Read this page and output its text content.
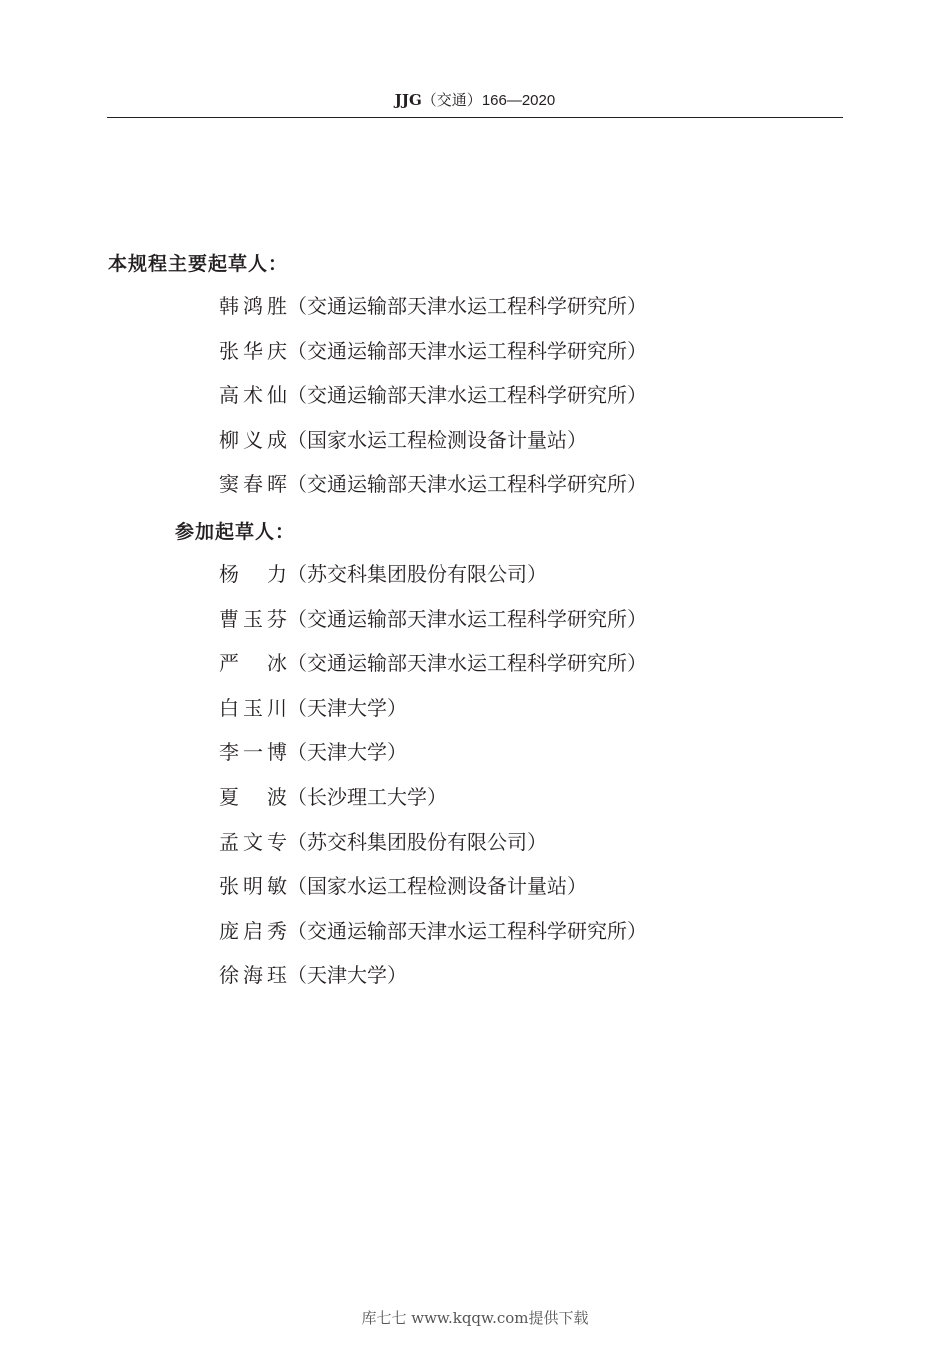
JJG（交通）166—2020
本规程主要起草人：
韩鸿胜（交通运输部天津水运工程科学研究所）
张华庆（交通运输部天津水运工程科学研究所）
高术仙（交通运输部天津水运工程科学研究所）
柳义成（国家水运工程检测设备计量站）
窦春晖（交通运输部天津水运工程科学研究所）
参加起草人：
杨　力（苏交科集团股份有限公司）
曹玉芬（交通运输部天津水运工程科学研究所）
严　冰（交通运输部天津水运工程科学研究所）
白玉川（天津大学）
李一博（天津大学）
夏　波（长沙理工大学）
孟文专（苏交科集团股份有限公司）
张明敏（国家水运工程检测设备计量站）
庞启秀（交通运输部天津水运工程科学研究所）
徐海珏（天津大学）
库七七 www.kqqw.com提供下载
